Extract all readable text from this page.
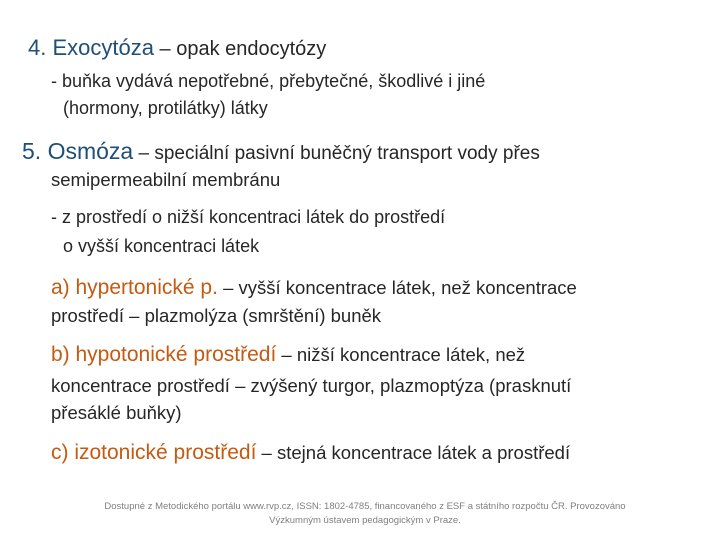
4. Exocytóza – opak endocytózy

- buňka vydává nepotřebné, přebytečné, škodlivé i jiné

(hormony, protilátky) látky

5. Osmóza – speciální pasivní buněčný transport vody přes

semipermeabilní membránu

- z prostředí o nižší koncentraci látek do prostředí

o vyšší koncentraci látek

a) hypertonické p. – vyšší koncentrace látek, než koncentrace

prostředí – plazmolýza (smrštění) buněk

b) hypotonické prostředí – nižší koncentrace látek, než

koncentrace prostředí – zvýšený turgor, plazmoptýza (prasknutí

přesáklé buňky)

c) izotonické prostředí – stejná koncentrace látek a prostředí

Dostupné z Metodického portálu www.rvp.cz, ISSN: 1802-4785, financovaného z ESF a státního rozpočtu ČR. Provozováno
Výzkumným ústavem pedagogickým v Praze.
